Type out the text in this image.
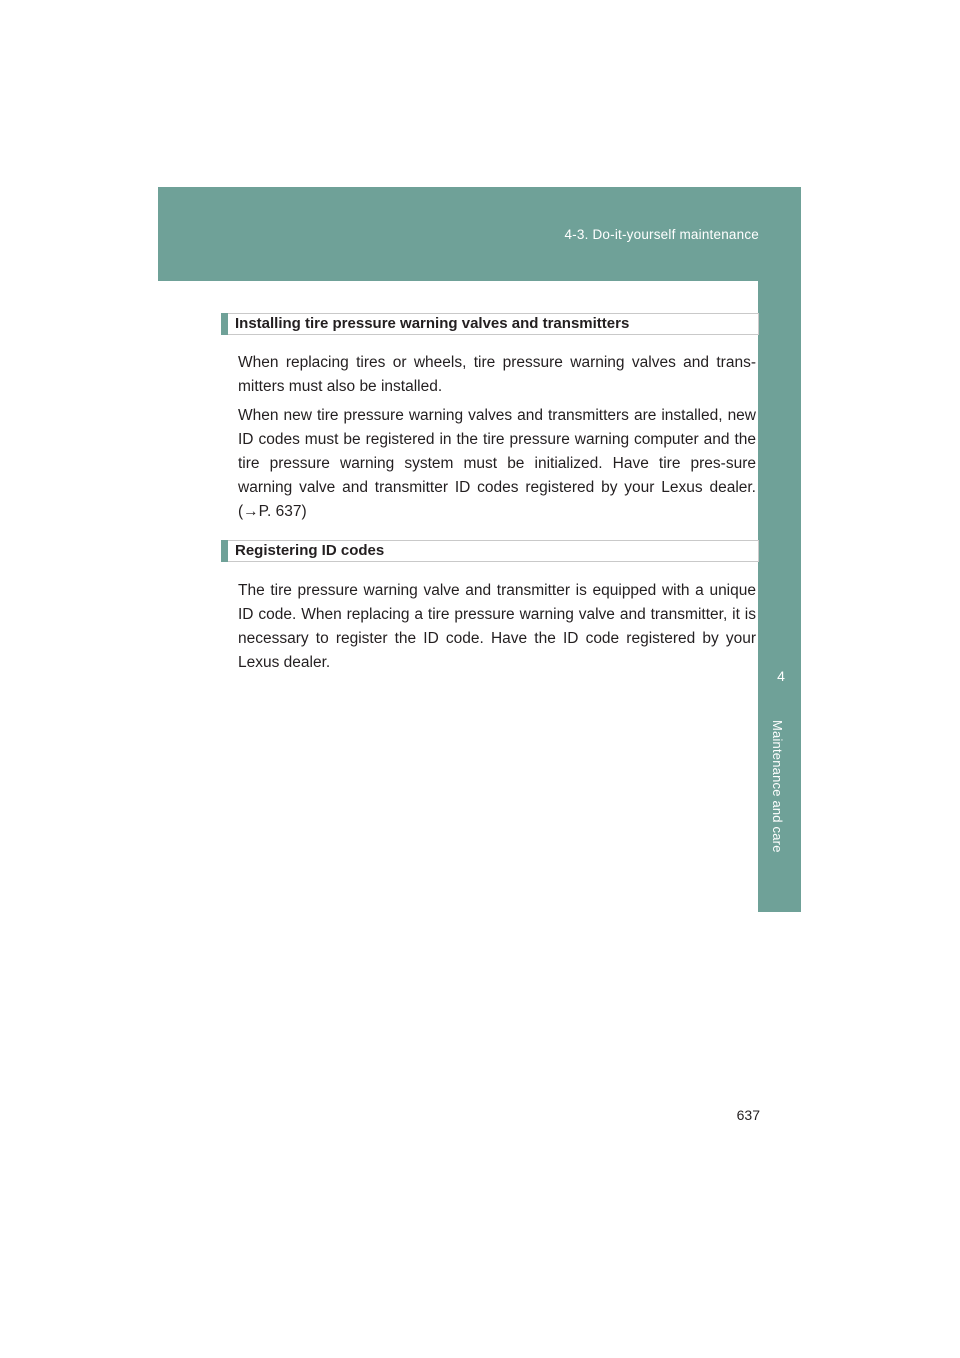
4-3. Do-it-yourself maintenance
4
Maintenance and care
Installing tire pressure warning valves and transmitters
When replacing tires or wheels, tire pressure warning valves and trans-mitters must also be installed.
When new tire pressure warning valves and transmitters are installed, new ID codes must be registered in the tire pressure warning computer and the tire pressure warning system must be initialized. Have tire pres-sure warning valve and transmitter ID codes registered by your Lexus dealer. (→P. 637)
Registering ID codes
The tire pressure warning valve and transmitter is equipped with a unique ID code. When replacing a tire pressure warning valve and transmitter, it is necessary to register the ID code. Have the ID code registered by your Lexus dealer.
637
